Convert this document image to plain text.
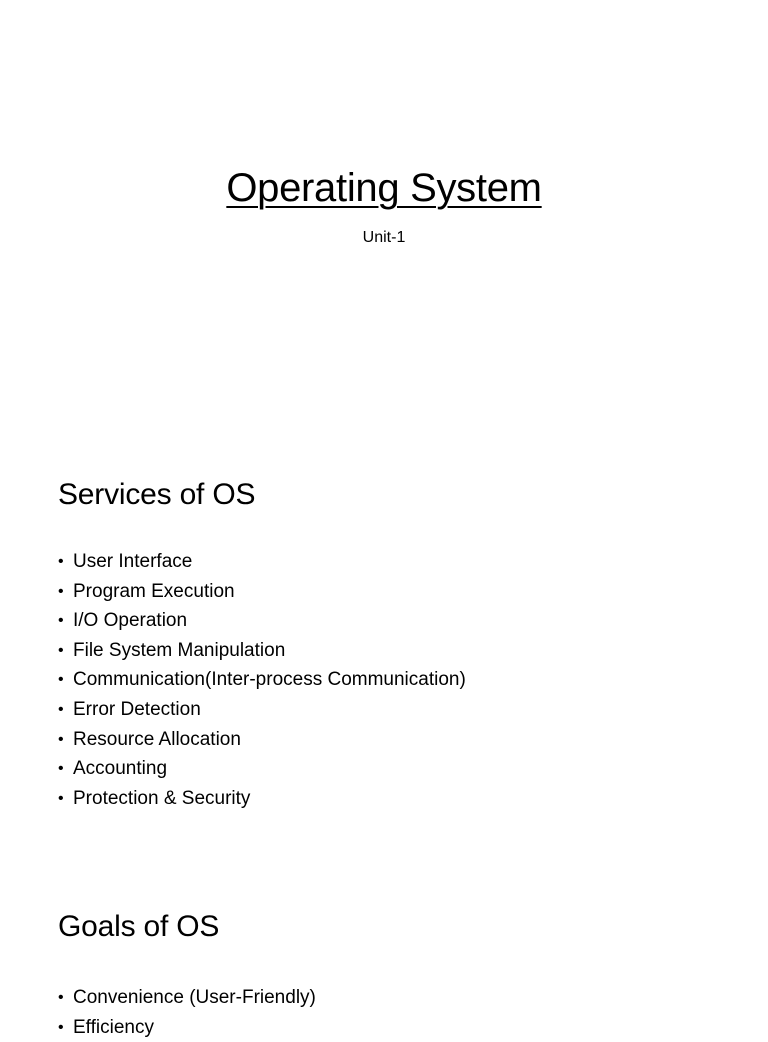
Operating System
Unit-1
Services of OS
• User Interface
• Program Execution
• I/O Operation
• File System Manipulation
• Communication(Inter-process Communication)
• Error Detection
• Resource Allocation
• Accounting
• Protection & Security
Goals of OS
• Convenience (User-Friendly)
• Efficiency
